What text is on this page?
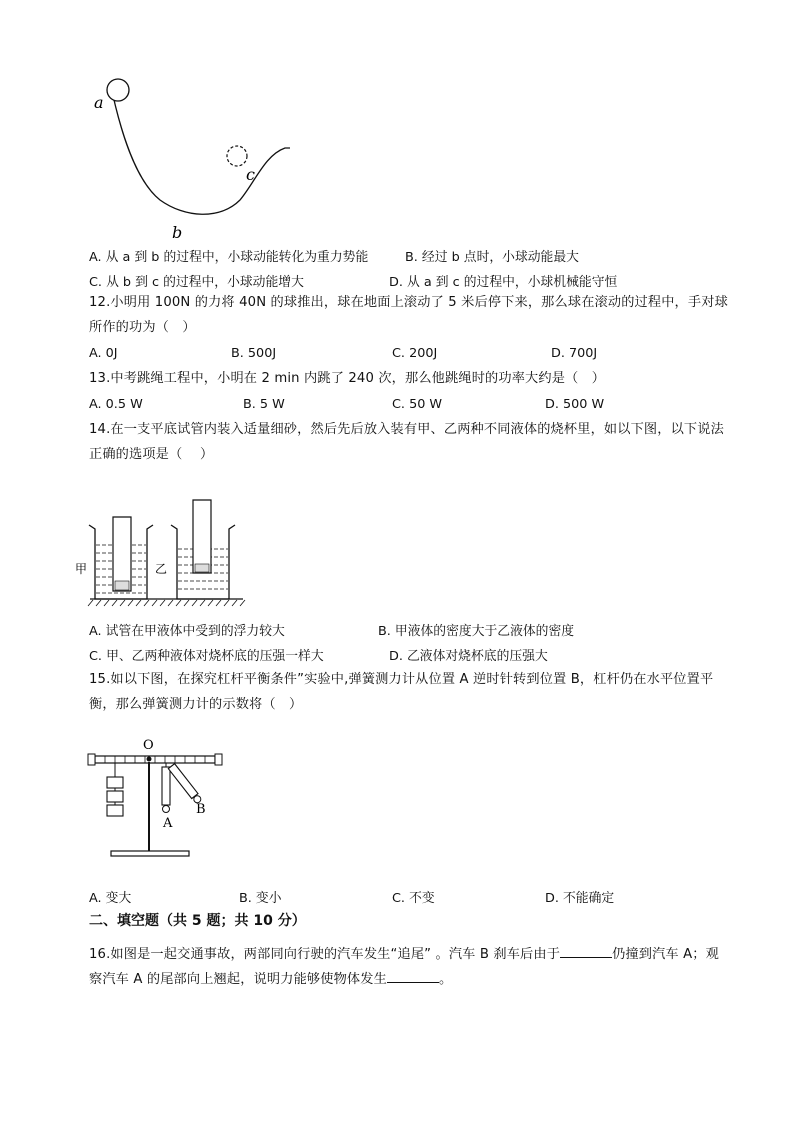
a
b
c
A. 从 a 到 b 的过程中，小球动能转化为重力势能	B. 经过 b 点时，小球动能最大
C. 从 b 到 c 的过程中，小球动能增大	D. 从 a 到 c 的过程中，小球机械能守恒
12.小明用 100N 的力将 40N 的球推出，球在地面上滚动了 5 米后停下来，那么球在滚动的过程中，手对球所作的功为（　）
A. 0J	B. 500J	C. 200J	D. 700J
13.中考跳绳工程中，小明在 2 min 内跳了 240 次，那么他跳绳时的功率大约是（　）
A. 0.5 W	B. 5 W	C. 50 W	D. 500 W
14.在一支平底试管内装入适量细砂，然后先后放入装有甲、乙两种不同液体的烧杯里，如以下图，以下说法正确的选项是（　 ）
甲	乙
A. 试管在甲液体中受到的浮力较大	B. 甲液体的密度大于乙液体的密度
C. 甲、乙两种液体对烧杯底的压强一样大	D. 乙液体对烧杯底的压强大
15.如以下图，在探究杠杆平衡条件”实验中,弹簧测力计从位置 A 逆时针转到位置 B，杠杆仍在水平位置平衡，那么弹簧测力计的示数将（　）
O
A
B
A. 变大	B. 变小	C. 不变	D. 不能确定
二、填空题（共 5 题；共 10 分）
16.如图是一起交通事故，两部同向行驶的汽车发生“追尾” 。汽车 B 刹车后由于	仍撞到汽车 A；观察汽车 A 的尾部向上翘起，说明力能够使物体发生	。
